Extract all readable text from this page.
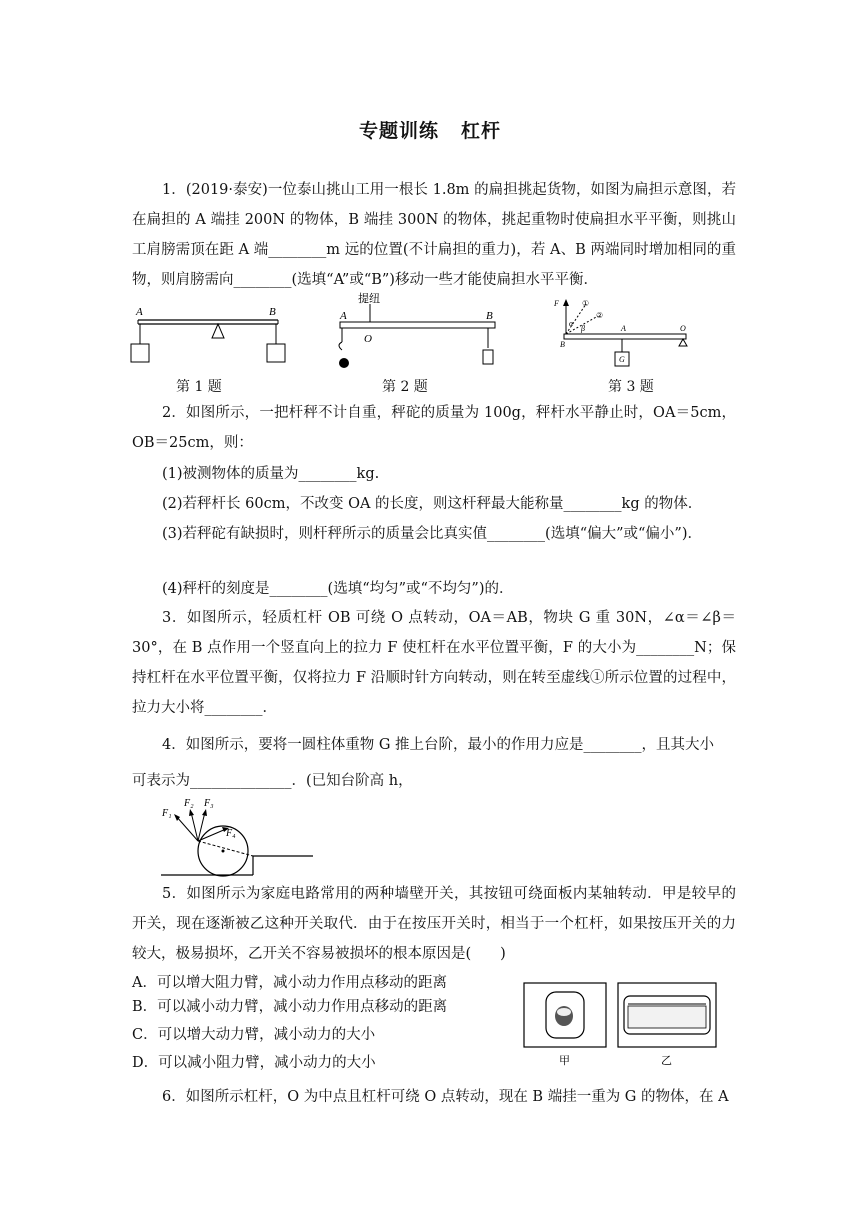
专题训练 杠杆
1．(2019·泰安)一位泰山挑山工用一根长 1.8m 的扁担挑起货物，如图为扁担示意图，若在扁担的 A 端挂 200N 的物体，B 端挂 300N 的物体，挑起重物时使扁担水平平衡，则挑山工肩膀需顶在距 A 端________m 远的位置(不计扁担的重力)，若 A、B 两端同时增加相同的重物，则肩膀需向________(选填“A”或“B”)移动一些才能使扁担水平平衡．
A	B
第 1 题
提纽
A
O
B
第 2 题
F	①
②
α
β	A	O
B
G
第 3 题
2．如图所示，一把杆秤不计自重，秤砣的质量为 100g，秤杆水平静止时，OA＝5cm，OB＝25cm，则：
(1)被测物体的质量为________kg.
(2)若秤杆长 60cm，不改变 OA 的长度，则这杆秤最大能称量________kg 的物体．
(3)若秤砣有缺损时，则杆秤所示的质量会比真实值________(选填“偏大”或“偏小”)．
(4)秤杆的刻度是________(选填“均匀”或“不均匀”)的．
3．如图所示，轻质杠杆 OB 可绕 O 点转动，OA＝AB，物块 G 重 30N，∠α＝∠β＝30°，在 B 点作用一个竖直向上的拉力 F 使杠杆在水平位置平衡，F 的大小为________N；保持杠杆在水平位置平衡，仅将拉力 F 沿顺时针方向转动，则在转至虚线①所示位置的过程中，拉力大小将________．
4．如图所示，要将一圆柱体重物 G 推上台阶，最小的作用力应是________，且其大小
可表示为______________．(已知台阶高 h，
F₁
F₂ F₃
F₄
5．如图所示为家庭电路常用的两种墙壁开关，其按钮可绕面板内某轴转动．甲是较早的开关，现在逐渐被乙这种开关取代．由于在按压开关时，相当于一个杠杆，如果按压开关的力较大，极易损坏，乙开关不容易被损坏的根本原因是(　　)
A．可以增大阻力臂，减小动力作用点移动的距离
B．可以减小动力臂，减小动力作用点移动的距离
C．可以增大动力臂，减小动力的大小
D．可以减小阻力臂，减小动力的大小	甲	乙
6．如图所示杠杆，O 为中点且杠杆可绕 O 点转动，现在 B 端挂一重为 G 的物体，在 A
